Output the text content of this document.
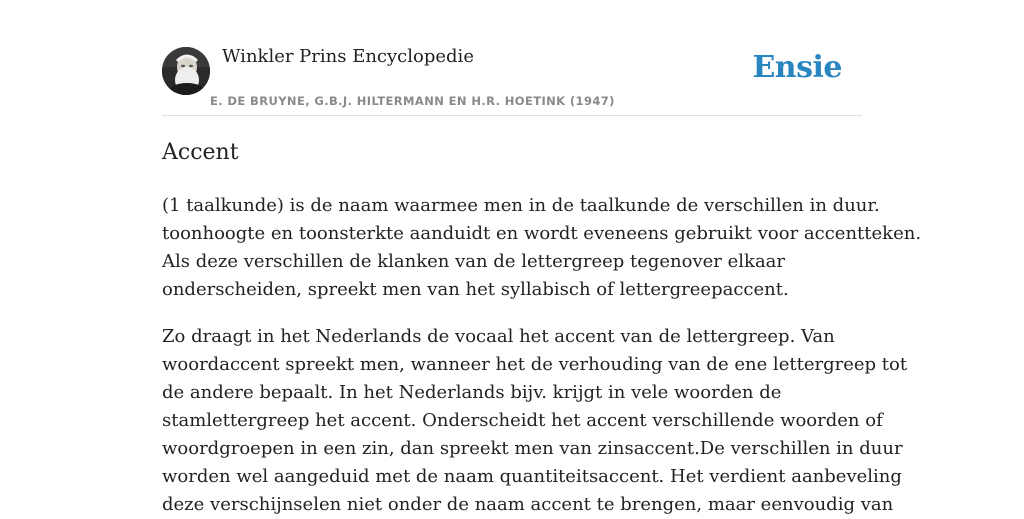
Winkler Prins Encyclopedie
E. DE BRUYNE, G.B.J. HILTERMANN EN H.R. HOETINK (1947)
Ensie
Accent

(1 taalkunde) is de naam waarmee men in de taalkunde de verschillen in duur.
toonhoogte en toonsterkte aanduidt en wordt eveneens gebruikt voor accentteken.
Als deze verschillen de klanken van de lettergreep tegenover elkaar
onderscheiden, spreekt men van het syllabisch of lettergreepaccent.

Zo draagt in het Nederlands de vocaal het accent van de lettergreep. Van
woordaccent spreekt men, wanneer het de verhouding van de ene lettergreep tot
de andere bepaalt. In het Nederlands bijv. krijgt in vele woorden de
stamlettergreep het accent. Onderscheidt het accent verschillende woorden of
woordgroepen in een zin, dan spreekt men van zinsaccent.De verschillen in duur
worden wel aangeduid met de naam quantiteitsaccent. Het verdient aanbeveling
deze verschijnselen niet onder de naam accent te brengen, maar eenvoudig van
